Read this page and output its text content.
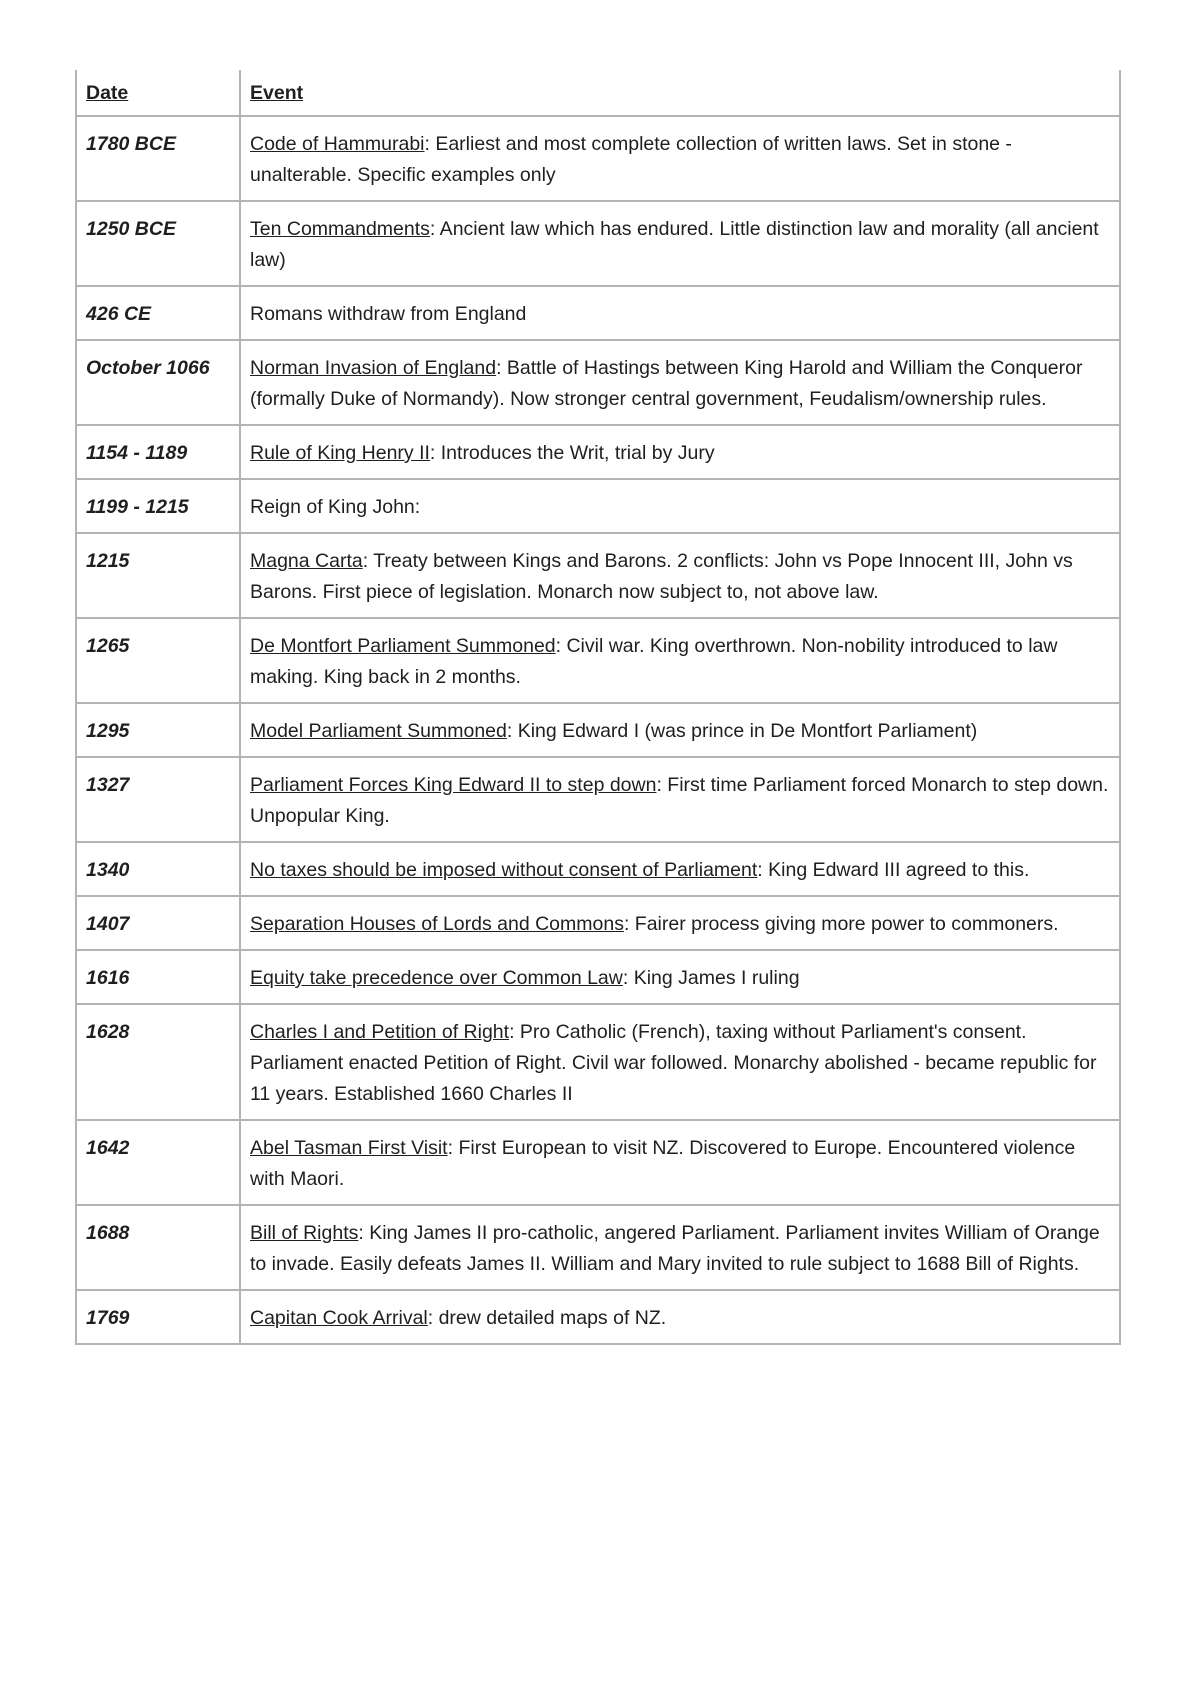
Date	Event
1780 BCE	Code of Hammurabi: Earliest and most complete collection of written laws. Set in stone - unalterable. Specific examples only
1250 BCE	Ten Commandments: Ancient law which has endured. Little distinction law and morality (all ancient law)
426 CE	Romans withdraw from England
October 1066	Norman Invasion of England: Battle of Hastings between King Harold and William the Conqueror (formally Duke of Normandy). Now stronger central government, Feudalism/ownership rules.
1154 - 1189	Rule of King Henry II: Introduces the Writ, trial by Jury
1199 - 1215	Reign of King John:
1215	Magna Carta: Treaty between Kings and Barons. 2 conflicts: John vs Pope Innocent III, John vs Barons. First piece of legislation. Monarch now subject to, not above law.
1265	De Montfort Parliament Summoned: Civil war. King overthrown. Non-nobility introduced to law making. King back in 2 months.
1295	Model Parliament Summoned: King Edward I (was prince in De Montfort Parliament)
1327	Parliament Forces King Edward II to step down: First time Parliament forced Monarch to step down. Unpopular King.
1340	No taxes should be imposed without consent of Parliament: King Edward III agreed to this.
1407	Separation Houses of Lords and Commons: Fairer process giving more power to commoners.
1616	Equity take precedence over Common Law: King James I ruling
1628	Charles I and Petition of Right: Pro Catholic (French), taxing without Parliament's consent. Parliament enacted Petition of Right. Civil war followed. Monarchy abolished - became republic for 11 years. Established 1660 Charles II
1642	Abel Tasman First Visit: First European to visit NZ. Discovered to Europe. Encountered violence with Maori.
1688	Bill of Rights: King James II pro-catholic, angered Parliament. Parliament invites William of Orange to invade. Easily defeats James II. William and Mary invited to rule subject to 1688 Bill of Rights.
1769	Capitan Cook Arrival: drew detailed maps of NZ.
